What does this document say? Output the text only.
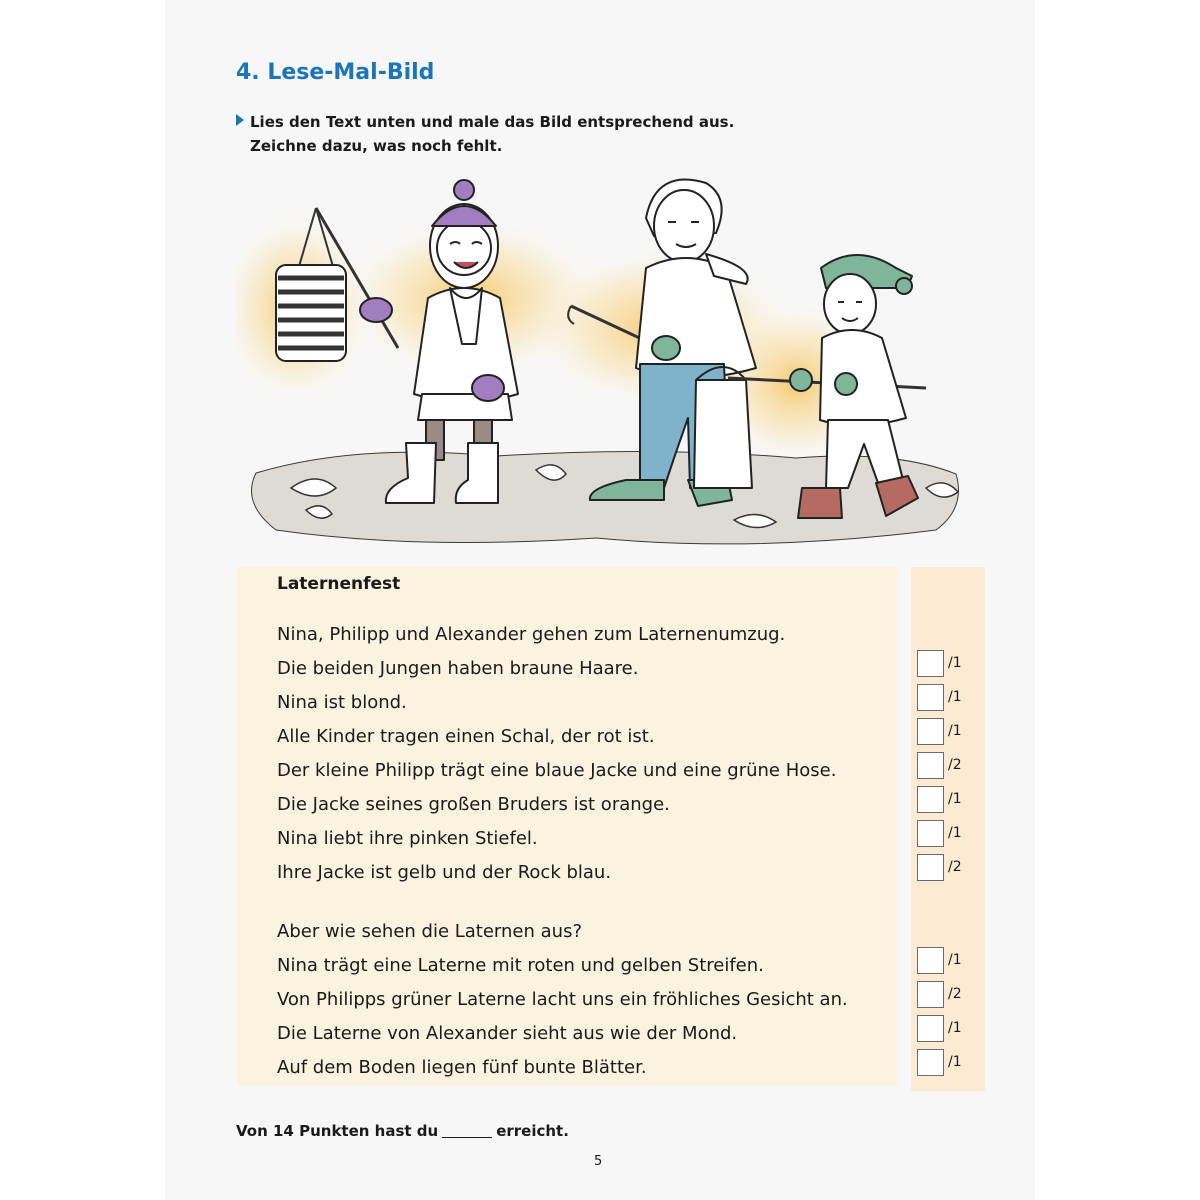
4. Lese-Mal-Bild
Lies den Text unten und male das Bild entsprechend aus.
Zeichne dazu, was noch fehlt.
Laternenfest
Nina, Philipp und Alexander gehen zum Laternenumzug.
Die beiden Jungen haben braune Haare.
Nina ist blond.
Alle Kinder tragen einen Schal, der rot ist.
Der kleine Philipp trägt eine blaue Jacke und eine grüne Hose.
Die Jacke seines großen Bruders ist orange.
Nina liebt ihre pinken Stiefel.
Ihre Jacke ist gelb und der Rock blau.
Aber wie sehen die Laternen aus?
Nina trägt eine Laterne mit roten und gelben Streifen.
Von Philipps grüner Laterne lacht uns ein fröhliches Gesicht an.
Die Laterne von Alexander sieht aus wie der Mond.
Auf dem Boden liegen fünf bunte Blätter.
/1
/1
/1
/2
/1
/1
/2
/1
/2
/1
/1
Von 14 Punkten hast du	erreicht.
5
